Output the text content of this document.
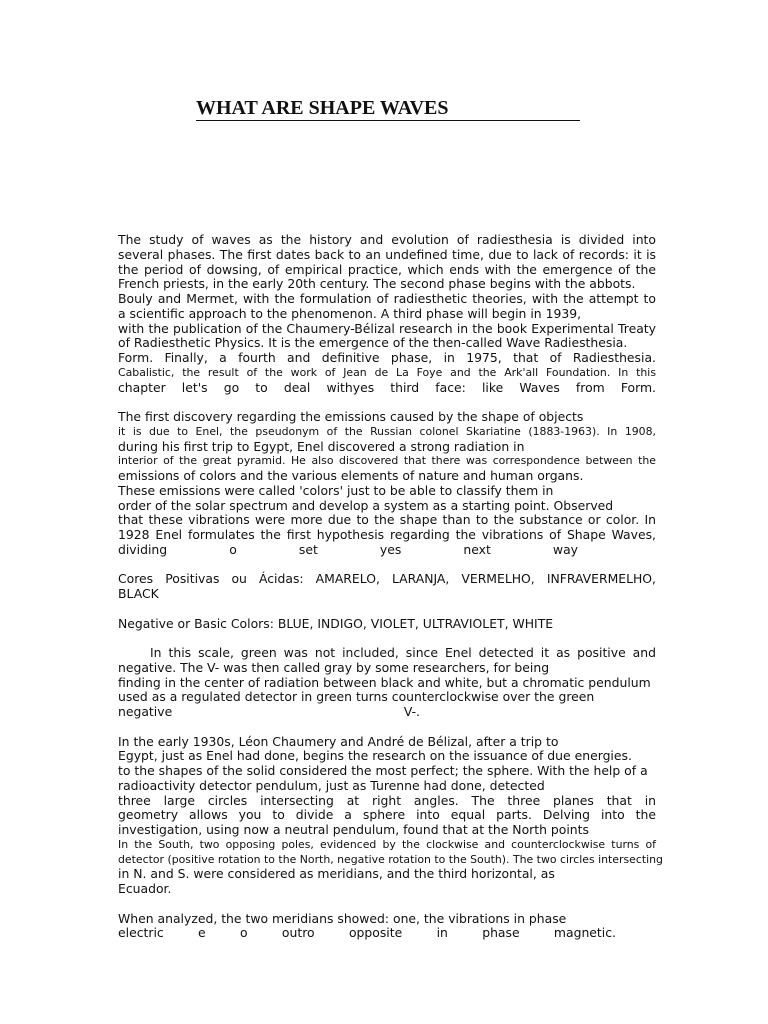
WHAT ARE SHAPE WAVES
The study of waves as the history and evolution of radiesthesia is divided into
several phases. The first dates back to an undefined time, due to lack of records: it is
the period of dowsing, of empirical practice, which ends with the emergence of the
French priests, in the early 20th century. The second phase begins with the abbots.
Bouly and Mermet, with the formulation of radiesthetic theories, with the attempt to
a scientific approach to the phenomenon. A third phase will begin in 1939,
with the publication of the Chaumery-Bélizal research in the book Experimental Treaty
of Radiesthetic Physics. It is the emergence of the then-called Wave Radiesthesia.
Form. Finally, a fourth and definitive phase, in 1975, that of Radiesthesia.
Cabalistic, the result of the work of Jean de La Foye and the Ark'all Foundation. In this
chapter let's go to deal withyes third face: like Waves from Form.
The first discovery regarding the emissions caused by the shape of objects
it is due to Enel, the pseudonym of the Russian colonel Skariatine (1883-1963). In 1908,
during his first trip to Egypt, Enel discovered a strong radiation in
interior of the great pyramid. He also discovered that there was correspondence between the
emissions of colors and the various elements of nature and human organs.
These emissions were called 'colors' just to be able to classify them in
order of the solar spectrum and develop a system as a starting point. Observed
that these vibrations were more due to the shape than to the substance or color. In
1928 Enel formulates the first hypothesis regarding the vibrations of Shape Waves,
dividing o set yes next way
Cores Positivas ou Ácidas: AMARELO, LARANJA, VERMELHO, INFRAVERMELHO,
BLACK
Negative or Basic Colors: BLUE, INDIGO, VIOLET, ULTRAVIOLET, WHITE
In this scale, green was not included, since Enel detected it as positive and
negative. The V- was then called gray by some researchers, for being
finding in the center of radiation between black and white, but a chromatic pendulum
used as a regulated detector in green turns counterclockwise over the green
negative V-.
In the early 1930s, Léon Chaumery and André de Bélizal, after a trip to
Egypt, just as Enel had done, begins the research on the issuance of due energies.
to the shapes of the solid considered the most perfect; the sphere. With the help of a
radioactivity detector pendulum, just as Turenne had done, detected
three large circles intersecting at right angles. The three planes that in
geometry allows you to divide a sphere into equal parts. Delving into the
investigation, using now a neutral pendulum, found that at the North points
In the South, two opposing poles, evidenced by the clockwise and counterclockwise turns of
detector (positive rotation to the North, negative rotation to the South). The two circles intersecting
in N. and S. were considered as meridians, and the third horizontal, as
Ecuador.
When analyzed, the two meridians showed: one, the vibrations in phase
electric e o outro opposite in phase magnetic.
